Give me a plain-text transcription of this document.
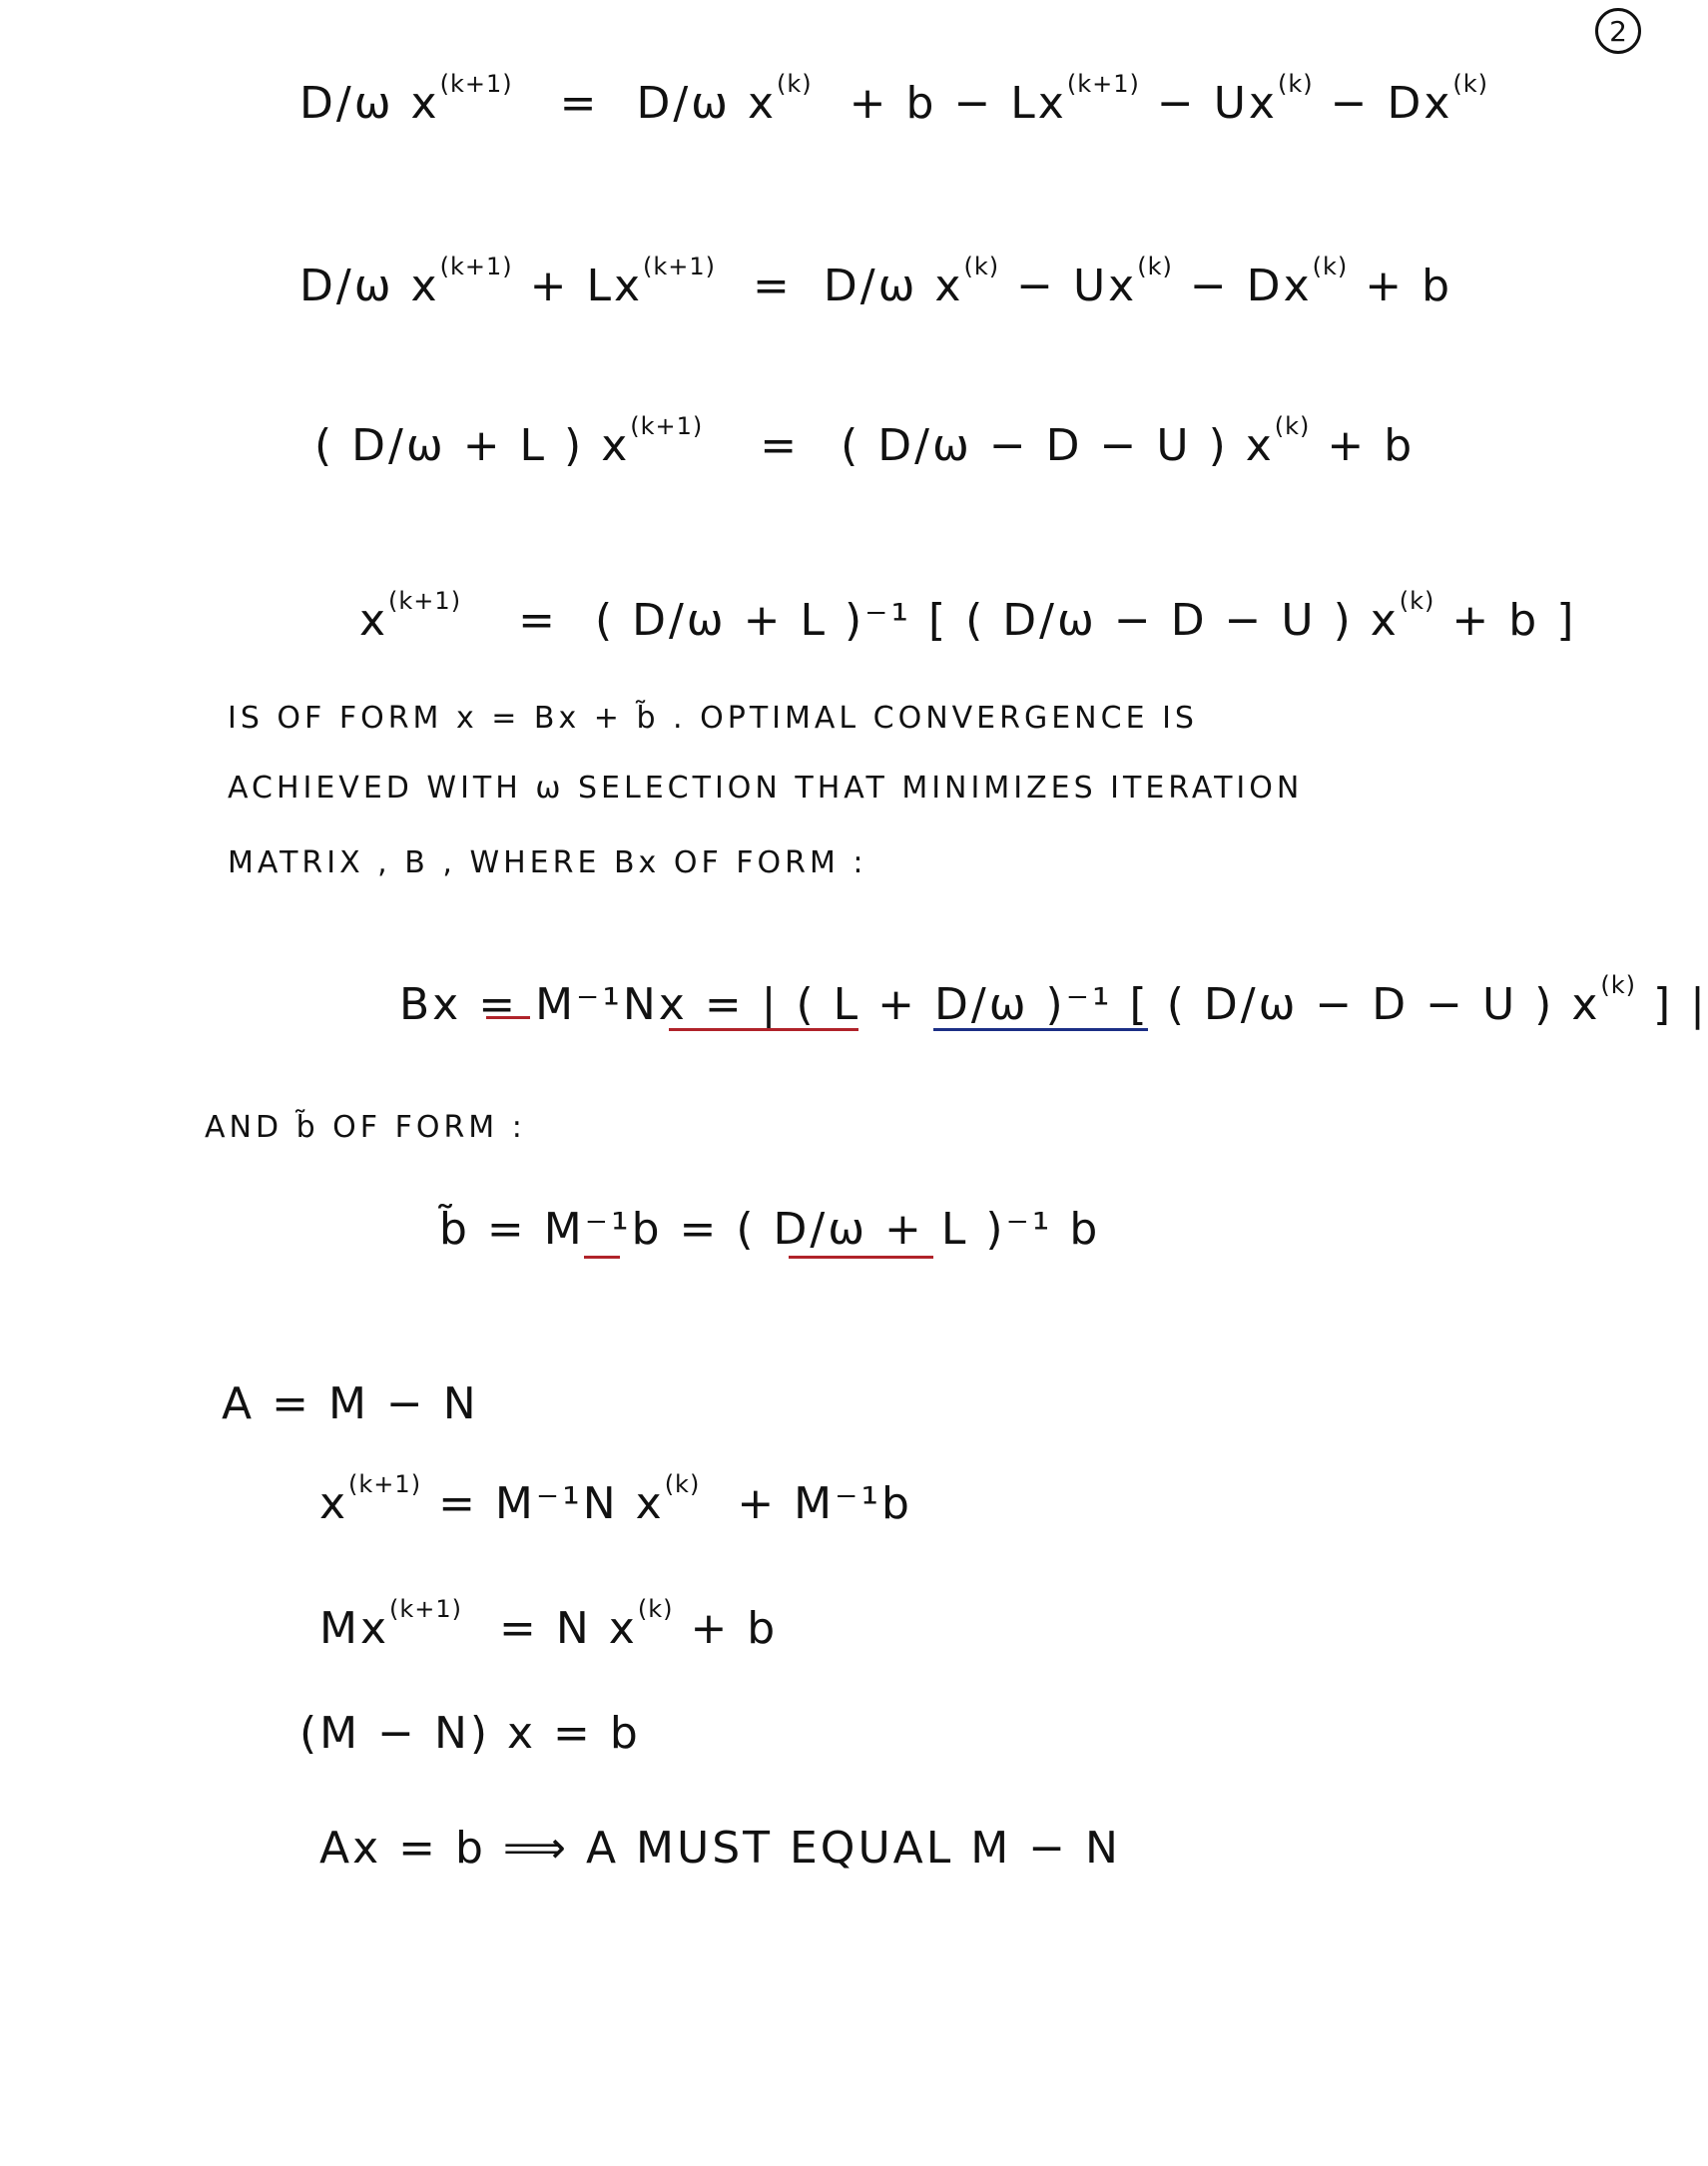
2
D/ω $x^{(k+1)} = D/\omega$ $x^{(k)} + b - Lx^{(k+1)} - Ux^{(k)} - Dx^{(k)}$
D/ω $x^{(k+1)} + Lx^{(k+1)} = D/\omega$ $x^{(k)} - Ux^{(k)} - Dx^{(k)} + b$
( D/ω + L ) $x^{(k+1)}$ = ( D/ω − D − U ) $x^{(k)} + b$
$x^{(k+1)}$ = ( D/ω + L )⁻¹ [ ( D/ω − D − U ) $x^{(k)} + b$ ]
IS OF FORM x = Bx + b̃ . OPTIMAL CONVERGENCE IS
ACHIEVED WITH ω SELECTION THAT MINIMIZES ITERATION
MATRIX , B , WHERE Bx OF FORM :
Bx = M⁻¹Nx = | ( L + D/ω )⁻¹ [ ( D/ω − D − U ) $x^{(k)}$ ] |
AND b̃ OF FORM :
b̃ = M⁻¹b = ( D/ω + L )⁻¹ b
A = M − N
$x^{(k+1)} = M^{-1}N$ $x^{(k)} + M^{-1}b$
$Mx^{(k+1)} = N$ $x^{(k)} + b$
(M − N) x = b
Ax = b ⟹ A MUST EQUAL M − N
